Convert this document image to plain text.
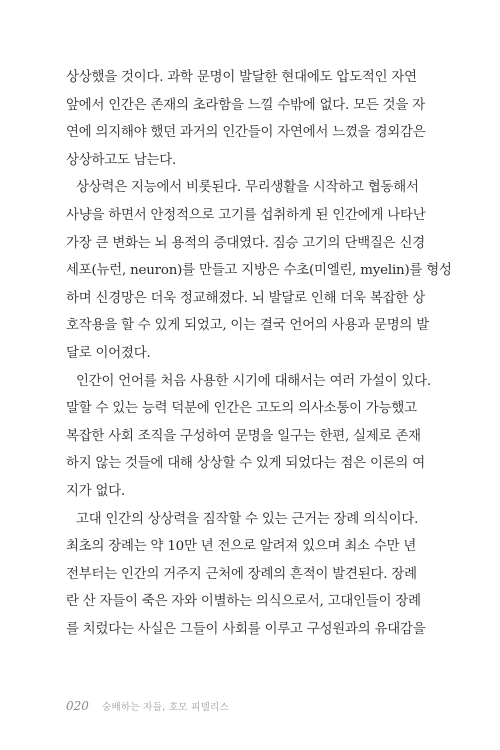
상상했을 것이다. 과학 문명이 발달한 현대에도 압도적인 자연
앞에서 인간은 존재의 초라함을 느낄 수밖에 없다. 모든 것을 자
연에 의지해야 했던 과거의 인간들이 자연에서 느꼈을 경외감은
상상하고도 남는다.
상상력은 지능에서 비롯된다. 무리생활을 시작하고 협동해서
사냥을 하면서 안정적으로 고기를 섭취하게 된 인간에게 나타난
가장 큰 변화는 뇌 용적의 증대였다. 짐승 고기의 단백질은 신경
세포(뉴런, neuron)를 만들고 지방은 수초(미엘린, myelin)를 형성
하며 신경망은 더욱 정교해졌다. 뇌 발달로 인해 더욱 복잡한 상
호작용을 할 수 있게 되었고, 이는 결국 언어의 사용과 문명의 발
달로 이어졌다.
인간이 언어를 처음 사용한 시기에 대해서는 여러 가설이 있다.
말할 수 있는 능력 덕분에 인간은 고도의 의사소통이 가능했고
복잡한 사회 조직을 구성하여 문명을 일구는 한편, 실제로 존재
하지 않는 것들에 대해 상상할 수 있게 되었다는 점은 이론의 여
지가 없다.
고대 인간의 상상력을 짐작할 수 있는 근거는 장례 의식이다.
최초의 장례는 약 10만 년 전으로 알려져 있으며 최소 수만 년
전부터는 인간의 거주지 근처에 장례의 흔적이 발견된다. 장례
란 산 자들이 죽은 자와 이별하는 의식으로서, 고대인들이 장례
를 치렀다는 사실은 그들이 사회를 이루고 구성원과의 유대감을
020 숭배하는 자들, 호모 피델리스
